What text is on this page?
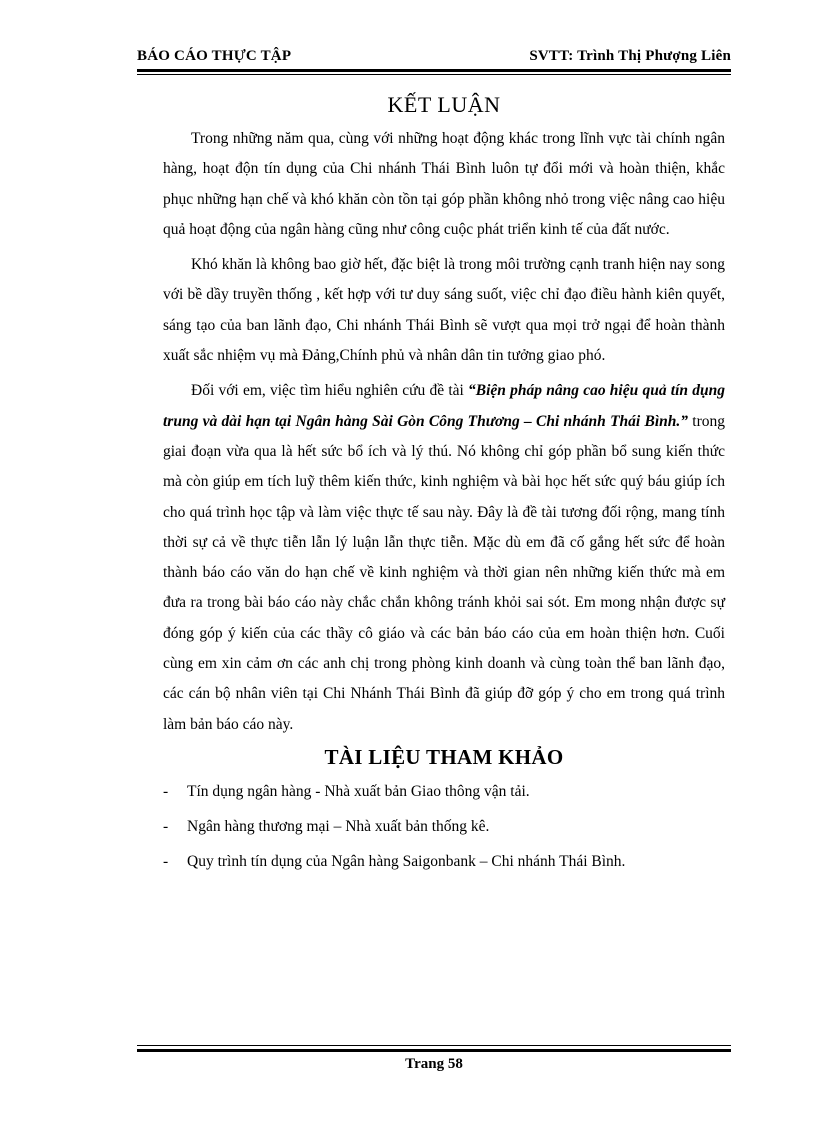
BÁO CÁO THỰC TẬP	SVTT: Trình Thị Phượng Liên
KẾT LUẬN

Trong những năm qua, cùng với những hoạt động khác trong lĩnh vực tài chính ngân hàng, hoạt độn tín dụng của Chi nhánh Thái Bình luôn tự đổi mới và hoàn thiện, khắc phục những hạn chế và khó khăn còn tồn tại góp phần không nhỏ trong việc nâng cao hiệu quả hoạt động của ngân hàng cũng như công cuộc phát triển kinh tế của đất nước.

Khó khăn là không bao giờ hết, đặc biệt là trong môi trường cạnh tranh hiện nay song với bề dầy truyền thống , kết hợp với tư duy sáng suốt, việc chỉ đạo điều hành kiên quyết, sáng tạo của ban lãnh đạo, Chi nhánh Thái Bình sẽ vượt qua mọi trở ngại để hoàn thành xuất sắc nhiệm vụ mà Đảng,Chính phủ và nhân dân tin tưởng giao phó.

Đối với em, việc tìm hiểu nghiên cứu đề tài “Biện pháp nâng cao hiệu quả tín dụng trung và dài hạn tại Ngân hàng Sài Gòn Công Thương – Chi nhánh Thái Bình.” trong giai đoạn vừa qua là hết sức bổ ích và lý thú. Nó không chỉ góp phần bổ sung kiến thức mà còn giúp em tích luỹ thêm kiến thức, kinh nghiệm và bài học hết sức quý báu giúp ích cho quá trình học tập và làm việc thực tế sau này. Đây là đề tài tương đối rộng, mang tính thời sự cả về thực tiễn lẫn lý luận lẫn thực tiễn. Mặc dù em đã cố gắng hết sức để hoàn thành báo cáo văn do hạn chế về kinh nghiệm và thời gian nên những kiến thức mà em đưa ra trong bài báo cáo này chắc chắn không tránh khỏi sai sót. Em mong nhận được sự đóng góp ý kiến của các thầy cô giáo và các bản báo cáo của em hoàn thiện hơn. Cuối cùng em xin cảm ơn các anh chị trong phòng kinh doanh và cùng toàn thể ban lãnh đạo, các cán bộ nhân viên tại Chi Nhánh Thái Bình đã giúp đỡ góp ý cho em trong quá trình làm bản báo cáo này.

TÀI LIỆU THAM KHẢO
-	Tín dụng ngân hàng - Nhà xuất bản Giao thông vận tải.
-	Ngân hàng thương mại – Nhà xuất bản thống kê.
-	Quy trình tín dụng của Ngân hàng Saigonbank – Chi nhánh Thái Bình.
Trang 58
